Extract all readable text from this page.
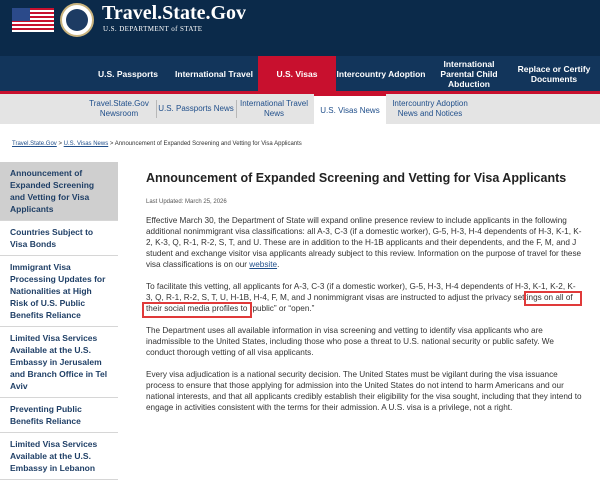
Travel.State.Gov
U.S. DEPARTMENT of STATE
U.S. Passports	International Travel	U.S. Visas	Intercountry Adoption
International Parental Child Abduction
Replace or Certify Documents
Travel.State.Gov Newsroom
U.S. Passports News
International Travel News	U.S. Visas News
Intercountry Adoption News and Notices
Travel.State.Gov > U.S. Visas News > Announcement of Expanded Screening and Vetting for Visa Applicants
Announcement of Expanded Screening and Vetting for Visa Applicants
Countries Subject to Visa Bonds
Immigrant Visa Processing Updates for Nationalities at High Risk of U.S. Public Benefits Reliance
Limited Visa Services Available at the U.S. Embassy in Jerusalem and Branch Office in Tel Aviv
Preventing Public Benefits Reliance
Limited Visa Services Available at the U.S. Embassy in Lebanon
Announcement of Expanded Screening and Vetting for Visa Applicants
Last Updated: March 25, 2026

Effective March 30, the Department of State will expand online presence review to include applicants in the following additional nonimmigrant visa classifications: all A-3, C-3 (if a domestic worker), G-5, H-3, H-4 dependents of H-3, K-1, K-2, K-3, Q, R-1, R-2, S, T, and U. These are in addition to the H-1B applicants and their dependents, and the F, M, and J student and exchange visitor visa applicants already subject to this review. Information on the purpose of travel for these visa classifications is on our website.

To facilitate this vetting, all applicants for A-3, C-3 (if a domestic worker), G-5, H-3, H-4 dependents of H-3, K-1, K-2, K-3, Q, R-1, R-2, S, T, U, H-1B, H-4, F, M, and J nonimmigrant visas are instructed to adjust the privacy settings on all of their social media profiles to “public” or “open.”

The Department uses all available information in visa screening and vetting to identify visa applicants who are inadmissible to the United States, including those who pose a threat to U.S. national security or public safety. We conduct thorough vetting of all visa applicants.

Every visa adjudication is a national security decision. The United States must be vigilant during the visa issuance process to ensure that those applying for admission into the United States do not intend to harm Americans and our national interests, and that all applicants credibly establish their eligibility for the visa sought, including that they intend to engage in activities consistent with the terms for their admission. A U.S. visa is a privilege, not a right.
